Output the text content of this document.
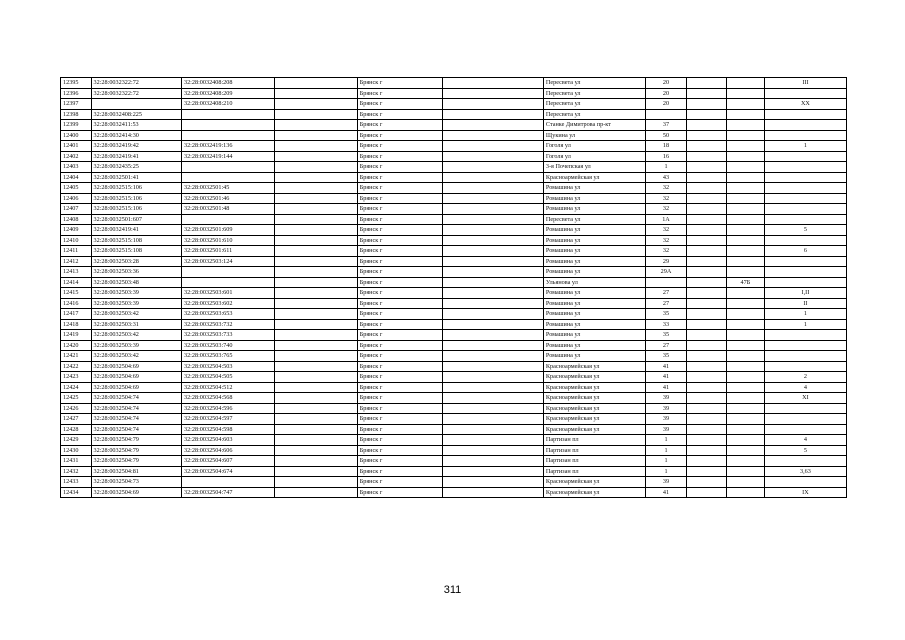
12395	32:28:0032322:72	32:28:0032408:208		Брянск г		Пересвета ул	20			III
12396	32:28:0032322:72	32:28:0032408:209		Брянск г		Пересвета ул	20			
12397		32:28:0032408:210		Брянск г		Пересвета ул	20			XX
12398	32:28:0032408:225			Брянск г		Пересвета ул				
12399	32:28:0032411:53			Брянск г		Станке Димитрова пр-кт	37			
12400	32:28:0032414:30			Брянск г		Щукина ул	50			
12401	32:28:0032419:42	32:28:0032419:136		Брянск г		Гоголя ул	18			1
12402	32:28:0032419:41	32:28:0032419:144		Брянск г		Гоголя ул	16			
12403	32:28:0032435:25			Брянск г		3-я Почепская ул	1			
12404	32:28:0032501:41			Брянск г		Красноармейская ул	43			
12405	32:28:0032515:106	32:28:0032501:45		Брянск г		Ромашина ул	32			
12406	32:28:0032515:106	32:28:0032501:46		Брянск г		Ромашина ул	32			
12407	32:28:0032515:106	32:28:0032501:48		Брянск г		Ромашина ул	32			
12408	32:28:0032501:607			Брянск г		Пересвета ул	1А			
12409	32:28:0032419:41	32:28:0032501:609		Брянск г		Ромашина ул	32			5
12410	32:28:0032515:108	32:28:0032501:610		Брянск г		Ромашина ул	32			
12411	32:28:0032515:108	32:28:0032501:611		Брянск г		Ромашина ул	32			6
12412	32:28:0032503:28	32:28:0032503:124		Брянск г		Ромашина ул	29			
12413	32:28:0032503:36			Брянск г		Ромашина ул	29А			
12414	32:28:0032503:48			Брянск г		Ульянова ул			47Б	
12415	32:28:0032503:39	32:28:0032503:601		Брянск г		Ромашина ул	27			I,II
12416	32:28:0032503:39	32:28:0032503:602		Брянск г		Ромашина ул	27			II
12417	32:28:0032503:42	32:28:0032503:653		Брянск г		Ромашина ул	35			1
12418	32:28:0032503:31	32:28:0032503:732		Брянск г		Ромашина ул	33			1
12419	32:28:0032503:42	32:28:0032503:733		Брянск г		Ромашина ул	35			
12420	32:28:0032503:39	32:28:0032503:740		Брянск г		Ромашина ул	27			
12421	32:28:0032503:42	32:28:0032503:765		Брянск г		Ромашина ул	35			
12422	32:28:0032504:69	32:28:0032504:503		Брянск г		Красноармейская ул	41			
12423	32:28:0032504:69	32:28:0032504:505		Брянск г		Красноармейская ул	41			2
12424	32:28:0032504:69	32:28:0032504:512		Брянск г		Красноармейская ул	41			4
12425	32:28:0032504:74	32:28:0032504:568		Брянск г		Красноармейская ул	39			XI
12426	32:28:0032504:74	32:28:0032504:596		Брянск г		Красноармейская ул	39			
12427	32:28:0032504:74	32:28:0032504:597		Брянск г		Красноармейская ул	39			
12428	32:28:0032504:74	32:28:0032504:598		Брянск г		Красноармейская ул	39			
12429	32:28:0032504:79	32:28:0032504:603		Брянск г		Партизан пл	1			4
12430	32:28:0032504:79	32:28:0032504:606		Брянск г		Партизан пл	1			5
12431	32:28:0032504:79	32:28:0032504:607		Брянск г		Партизан пл	1			
12432	32:28:0032504:81	32:28:0032504:674		Брянск г		Партизан пл	1			3,63
12433	32:28:0032504:73			Брянск г		Красноармейская ул	39			
12434	32:28:0032504:69	32:28:0032504:747		Брянск г		Красноармейская ул	41			IX
311
